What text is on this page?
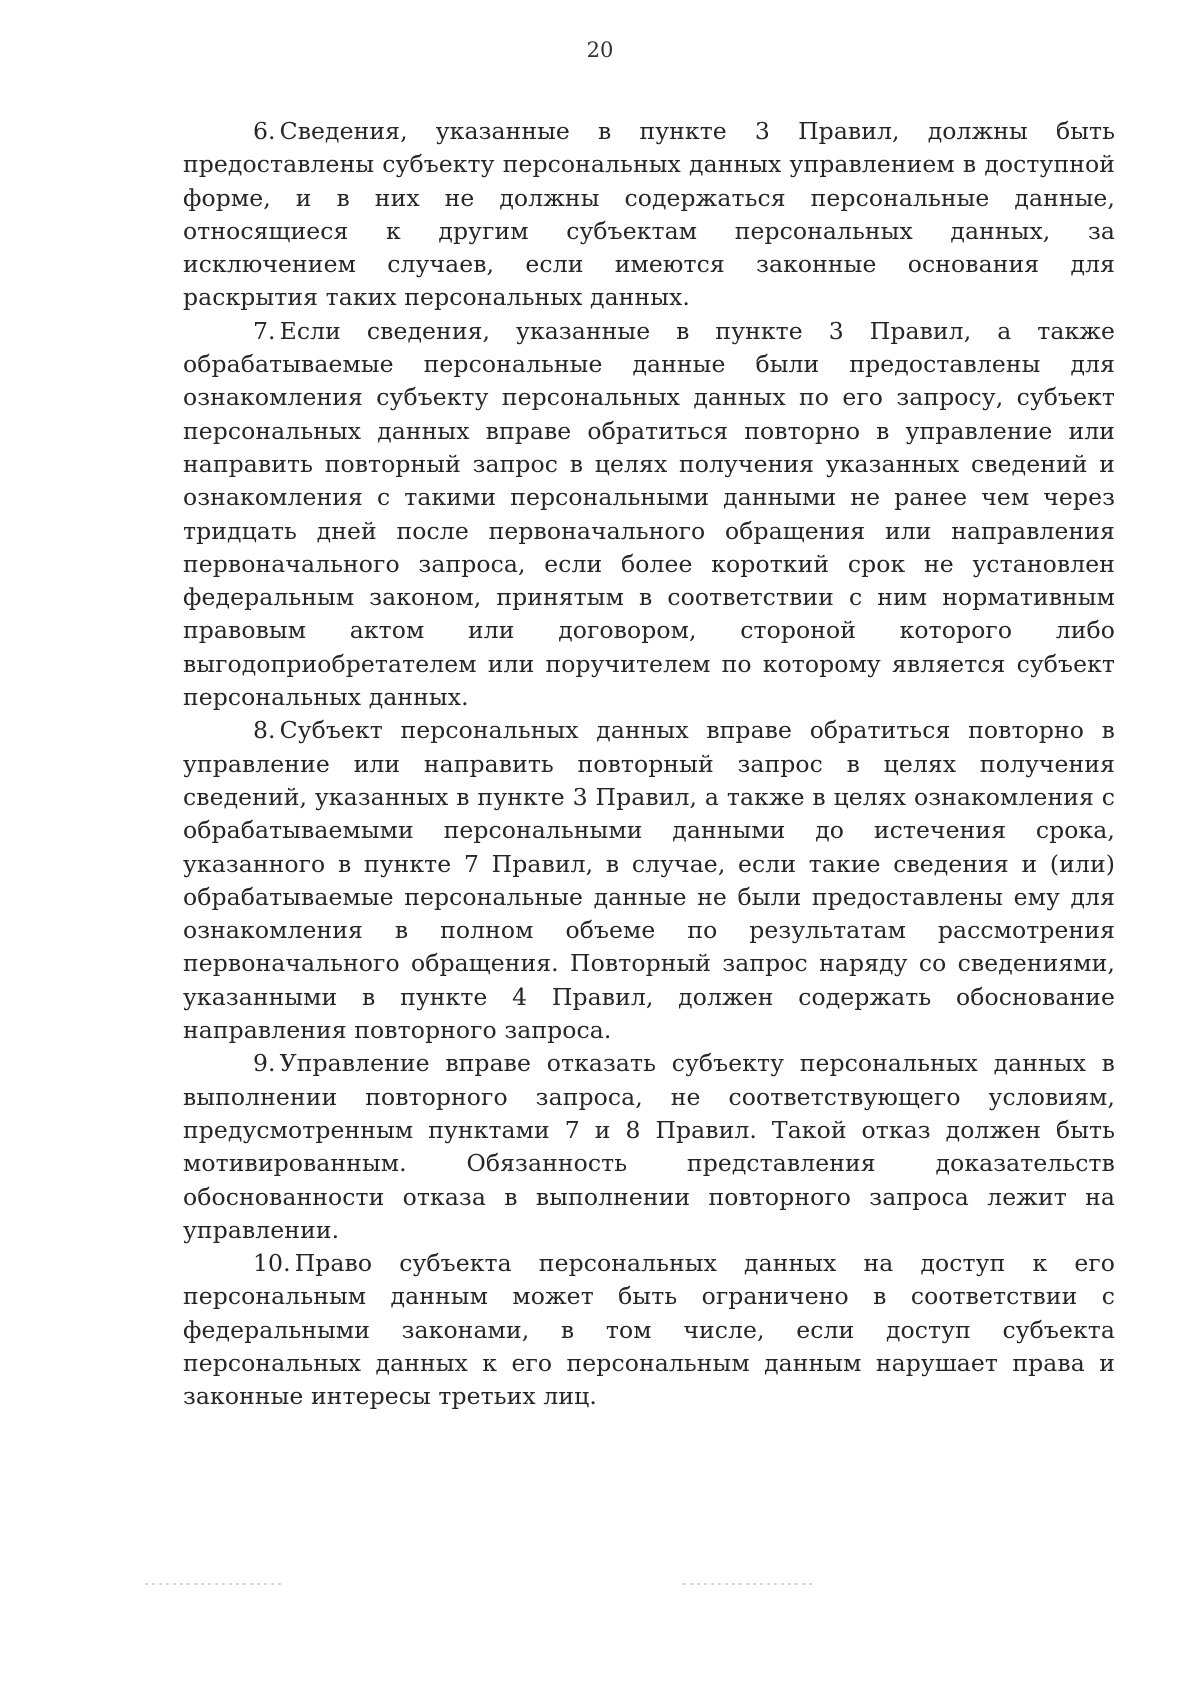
20

6. Сведения, указанные в пункте 3 Правил, должны быть предоставлены субъекту персональных данных управлением в доступной форме, и в них не должны содержаться персональные данные, относящиеся к другим субъектам персональных данных, за исключением случаев, если имеются законные основания для раскрытия таких персональных данных.

7. Если сведения, указанные в пункте 3 Правил, а также обрабатываемые персональные данные были предоставлены для ознакомления субъекту персональных данных по его запросу, субъект персональных данных вправе обратиться повторно в управление или направить повторный запрос в целях получения указанных сведений и ознакомления с такими персональными данными не ранее чем через тридцать дней после первоначального обращения или направления первоначального запроса, если более короткий срок не установлен федеральным законом, принятым в соответствии с ним нормативным правовым актом или договором, стороной которого либо выгодоприобретателем или поручителем по которому является субъект персональных данных.

8. Субъект персональных данных вправе обратиться повторно в управление или направить повторный запрос в целях получения сведений, указанных в пункте 3 Правил, а также в целях ознакомления с обрабатываемыми персональными данными до истечения срока, указанного в пункте 7 Правил, в случае, если такие сведения и (или) обрабатываемые персональные данные не были предоставлены ему для ознакомления в полном объеме по результатам рассмотрения первоначального обращения. Повторный запрос наряду со сведениями, указанными в пункте 4 Правил, должен содержать обоснование направления повторного запроса.

9. Управление вправе отказать субъекту персональных данных в выполнении повторного запроса, не соответствующего условиям, предусмотренным пунктами 7 и 8 Правил. Такой отказ должен быть мотивированным. Обязанность представления доказательств обоснованности отказа в выполнении повторного запроса лежит на управлении.

10. Право субъекта персональных данных на доступ к его персональным данным может быть ограничено в соответствии с федеральными законами, в том числе, если доступ субъекта персональных данных к его персональным данным нарушает права и законные интересы третьих лиц.
